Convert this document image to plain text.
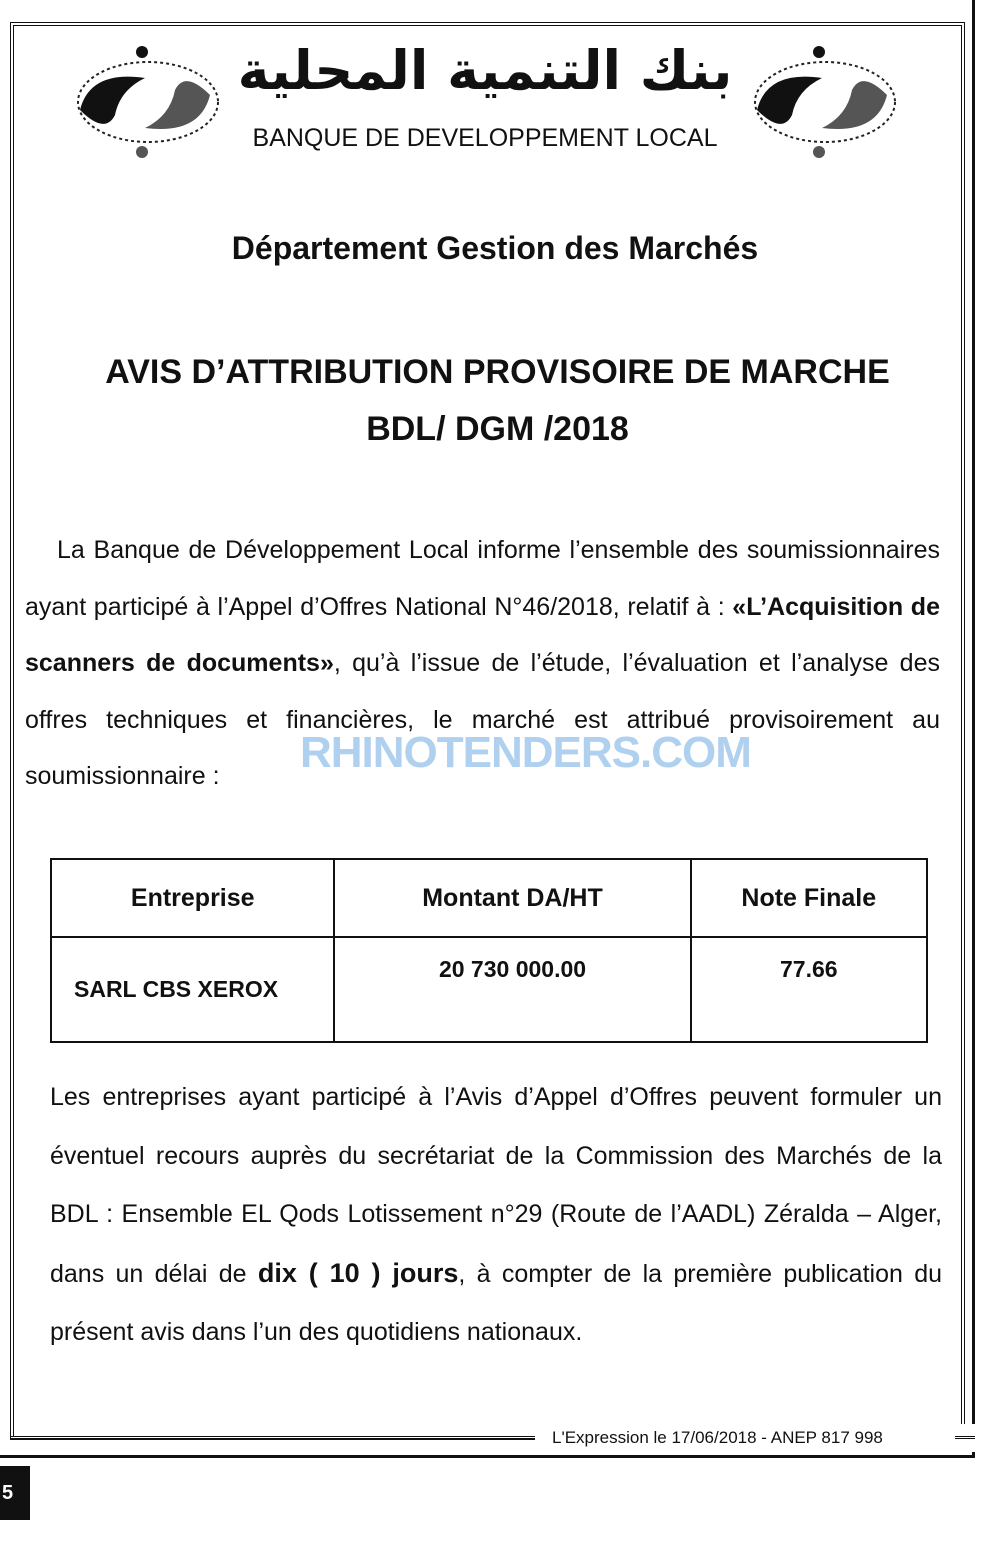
بنك التنمية المحلية
BANQUE DE DEVELOPPEMENT LOCAL
Département Gestion des Marchés
AVIS D’ATTRIBUTION PROVISOIRE DE MARCHE
BDL/ DGM /2018
La Banque de Développement Local informe l’ensemble des soumissionnaires ayant participé à l’Appel d’Offres National N°46/2018, relatif à : «L’Acquisition de scanners de documents», qu’à l’issue de l’étude, l’évaluation et l’analyse des offres techniques et financières, le marché est attribué provisoirement au soumissionnaire :	RHINOTENDERS.COM
Entreprise	Montant DA/HT	Note Finale
SARL CBS XEROX	20 730 000.00	77.66
Les entreprises ayant participé à l’Avis d’Appel d’Offres peuvent formuler un éventuel recours auprès du secrétariat de la Commission des Marchés de la BDL : Ensemble EL Qods Lotissement n°29 (Route de l’AADL) Zéralda – Alger, dans un délai de dix ( 10 ) jours, à compter de la première publication du présent avis dans l’un des quotidiens nationaux.
L'Expression le 17/06/2018 - ANEP 817 998
5
